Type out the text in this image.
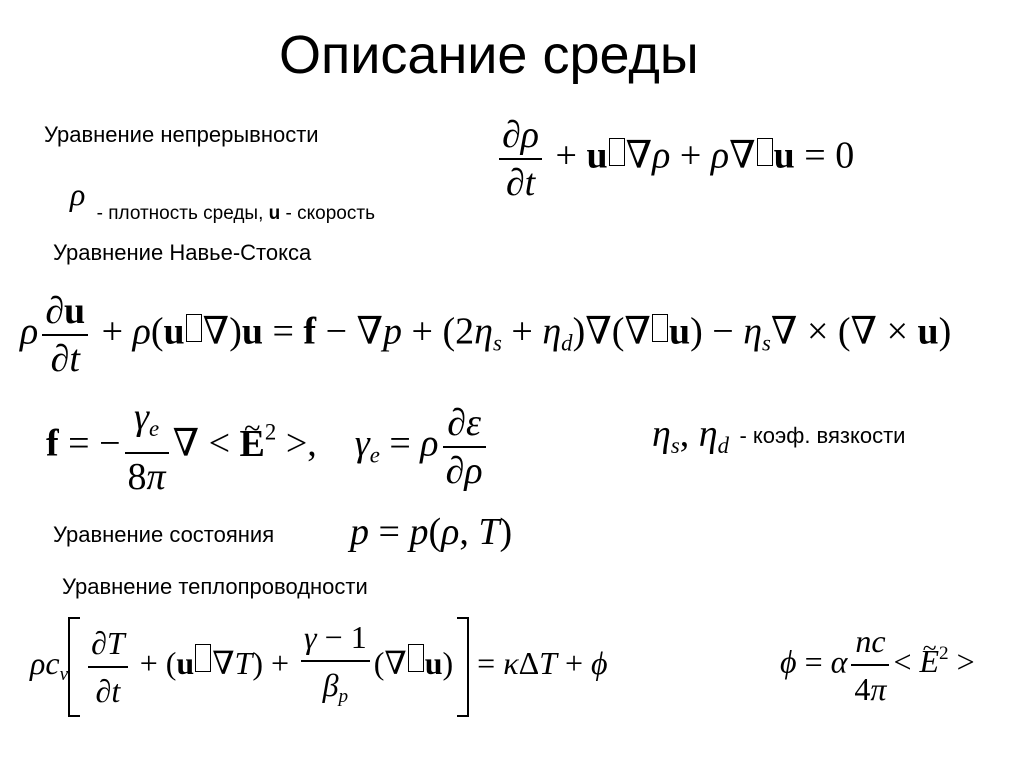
Описание среды
Уравнение непрерывности	$\frac{\partial\rho}{\partial t} + u$ ∇ρ + ρ∇ u = 0
ρ - плотность среды, u - скорость
Уравнение Навье-Стокса
ρ $\frac{\partial u}{\partial t} + \rho(u$ $\nabla)u = f - \nabla p + (2\eta_s + \eta_d)\nabla(\nabla$ $u) - \eta_s\nabla$ × (∇ × u)
f = − $\frac{\gamma_e}{8\pi}$ ∇ < ~ $E^2$ >,    $\gamma_e = \rho \frac{\partial\varepsilon}{\partial\rho}$	$\eta_s$, $\eta_d$ - коэф. вязкости
Уравнение состояния p = p(ρ, T)
Уравнение теплопроводности
$\rho c_v \frac{\partial T}{\partial t} + (u$ $\nabla T) + \frac{\gamma - 1}{\beta_p}$ (∇ u) = κΔT + ϕ	ϕ = α $\frac{nc}{4\pi}$ < ~ $E^2$ >
